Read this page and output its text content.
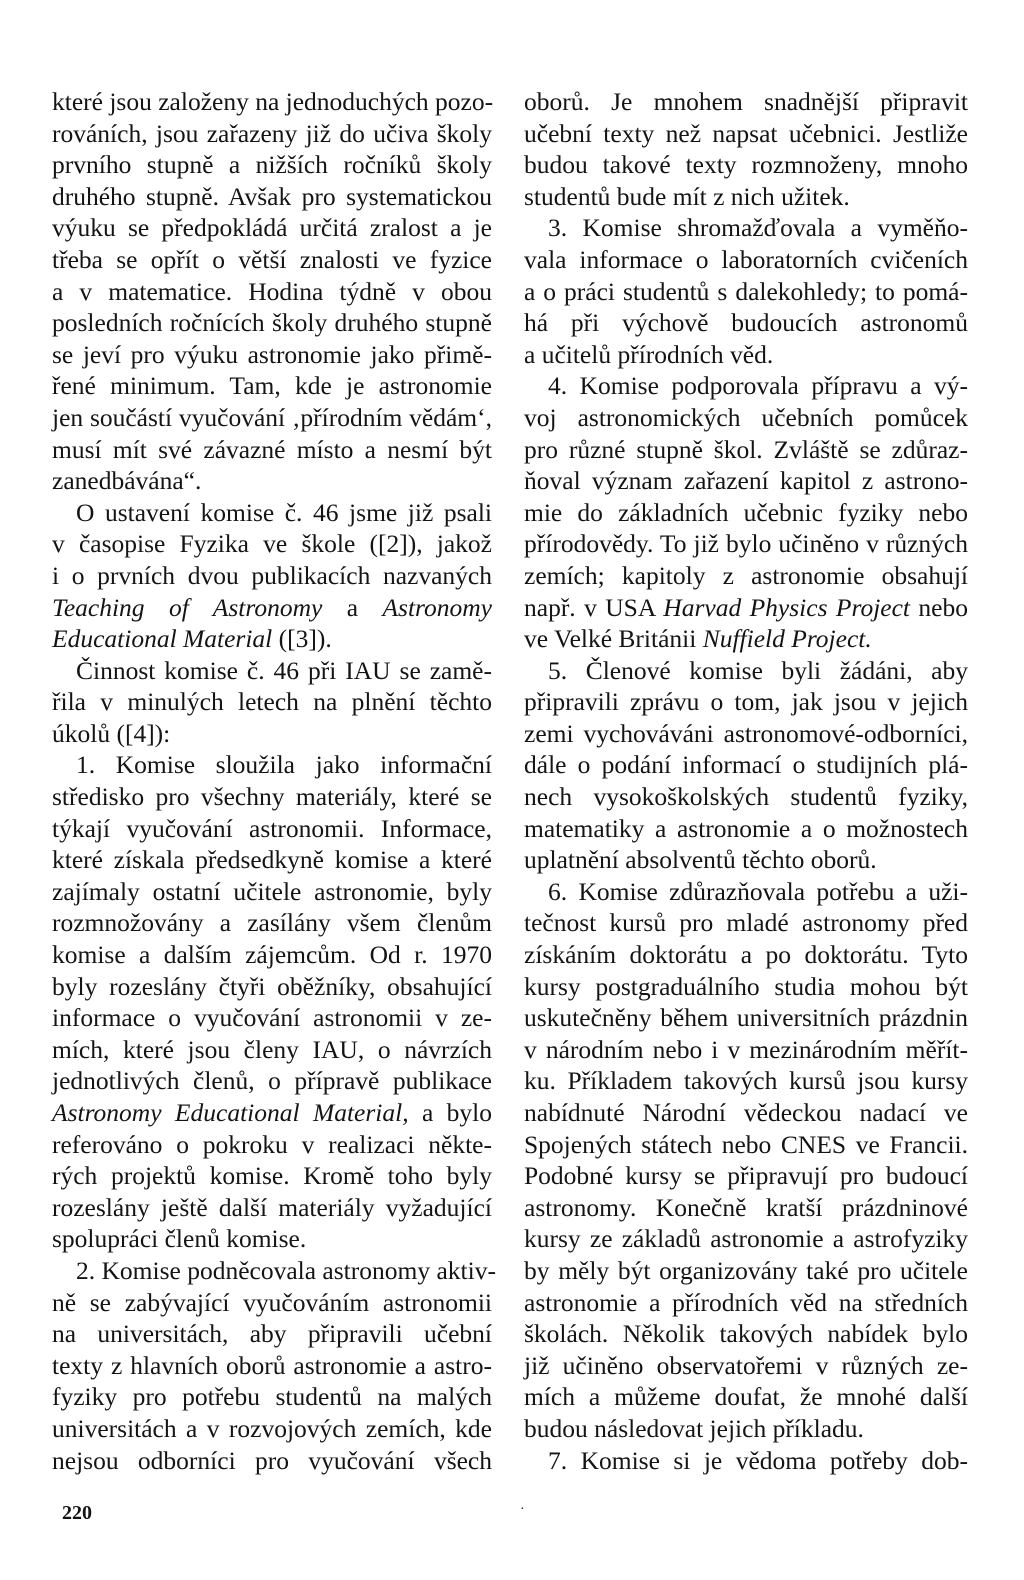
které jsou založeny na jednoduchých pozo-
rováních, jsou zařazeny již do učiva školy
prvního stupně a nižších ročníků školy
druhého stupně. Avšak pro systematickou
výuku se předpokládá určitá zralost a je
třeba se opřít o větší znalosti ve fyzice
a v matematice. Hodina týdně v obou
posledních ročnících školy druhého stupně
se jeví pro výuku astronomie jako přimě-
řené minimum. Tam, kde je astronomie
jen součástí vyučování ‚přírodním vědám‘,
musí mít své závazné místo a nesmí být
zanedbávána“.
O ustavení komise č. 46 jsme již psali
v časopise Fyzika ve škole ([2]), jakož
i o prvních dvou publikacích nazvaných
Teaching of Astronomy a Astronomy
Educational Material ([3]).
Činnost komise č. 46 při IAU se zamě-
řila v minulých letech na plnění těchto
úkolů ([4]):
1. Komise sloužila jako informační
středisko pro všechny materiály, které se
týkají vyučování astronomii. Informace,
které získala předsedkyně komise a které
zajímaly ostatní učitele astronomie, byly
rozmnožovány a zasílány všem členům
komise a dalším zájemcům. Od r. 1970
byly rozeslány čtyři oběžníky, obsahující
informace o vyučování astronomii v ze-
mích, které jsou členy IAU, o návrzích
jednotlivých členů, o přípravě publikace
Astronomy Educational Material, a bylo
referováno o pokroku v realizaci někte-
rých projektů komise. Kromě toho byly
rozeslány ještě další materiály vyžadující
spolupráci členů komise.
2. Komise podněcovala astronomy aktiv-
ně se zabývající vyučováním astronomii
na universitách, aby připravili učební
texty z hlavních oborů astronomie a astro-
fyziky pro potřebu studentů na malých
universitách a v rozvojových zemích, kde
nejsou odborníci pro vyučování všech
oborů. Je mnohem snadnější připravit
učební texty než napsat učebnici. Jestliže
budou takové texty rozmnoženy, mnoho
studentů bude mít z nich užitek.
3. Komise shromažďovala a vyměňo-
vala informace o laboratorních cvičeních
a o práci studentů s dalekohledy; to pomá-
há při výchově budoucích astronomů
a učitelů přírodních věd.
4. Komise podporovala přípravu a vý-
voj astronomických učebních pomůcek
pro různé stupně škol. Zvláště se zdůraz-
ňoval význam zařazení kapitol z astrono-
mie do základních učebnic fyziky nebo
přírodovědy. To již bylo učiněno v různých
zemích; kapitoly z astronomie obsahují
např. v USA Harvad Physics Project nebo
ve Velké Británii Nuffield Project.
5. Členové komise byli žádáni, aby
připravili zprávu o tom, jak jsou v jejich
zemi vychováváni astronomové-odborníci,
dále o podání informací o studijních plá-
nech vysokoškolských studentů fyziky,
matematiky a astronomie a o možnostech
uplatnění absolventů těchto oborů.
6. Komise zdůrazňovala potřebu a uži-
tečnost kursů pro mladé astronomy před
získáním doktorátu a po doktorátu. Tyto
kursy postgraduálního studia mohou být
uskutečněny během universitních prázdnin
v národním nebo i v mezinárodním měřít-
ku. Příkladem takových kursů jsou kursy
nabídnuté Národní vědeckou nadací ve
Spojených státech nebo CNES ve Francii.
Podobné kursy se připravují pro budoucí
astronomy. Konečně kratší prázdninové
kursy ze základů astronomie a astrofyziky
by měly být organizovány také pro učitele
astronomie a přírodních věd na středních
školách. Několik takových nabídek bylo
již učiněno observatořemi v různých ze-
mích a můžeme doufat, že mnohé další
budou následovat jejich příkladu.
7. Komise si je vědoma potřeby dob-
220	·
